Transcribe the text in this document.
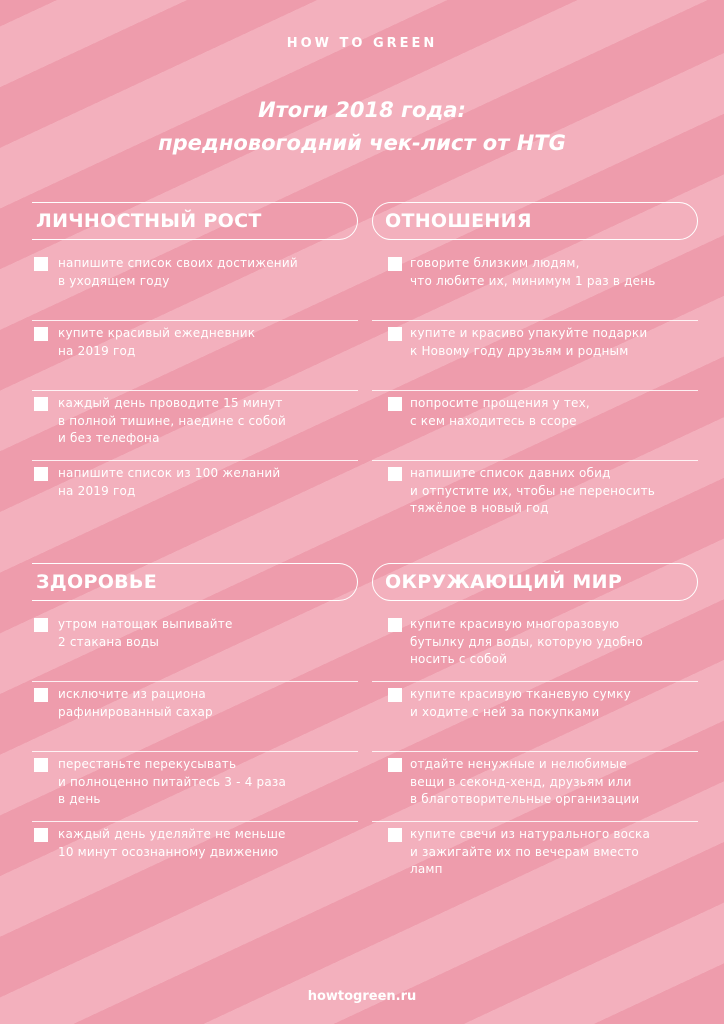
HOW TO GREEN
Итоги 2018 года:
предновогодний чек-лист от HTG
ЛИЧНОСТНЫЙ РОСТ
напишите список своих достижений
в уходящем году
купите красивый ежедневник
на 2019 год
каждый день проводите 15 минут
в полной тишине, наедине с собой
и без телефона
напишите список из 100 желаний
на 2019 год
ОТНОШЕНИЯ
говорите близким людям,
что любите их, минимум 1 раз в день
купите и красиво упакуйте подарки
к Новому году друзьям и родным
попросите прощения у тех,
с кем находитесь в ссоре
напишите список давних обид
и отпустите их, чтобы не переносить
тяжёлое в новый год
ЗДОРОВЬЕ
утром натощак выпивайте
2 стакана воды
исключите из рациона
рафинированный сахар
перестаньте перекусывать
и полноценно питайтесь 3 - 4 раза
в день
каждый день уделяйте не меньше
10 минут осознанному движению
ОКРУЖАЮЩИЙ МИР
купите красивую многоразовую
бутылку для воды, которую удобно
носить с собой
купите красивую тканевую сумку
и ходите с ней за покупками
отдайте ненужные и нелюбимые
вещи в секонд-хенд, друзьям или
в благотворительные организации
купите свечи из натурального воска
и зажигайте их по вечерам вместо
ламп
howtogreen.ru
